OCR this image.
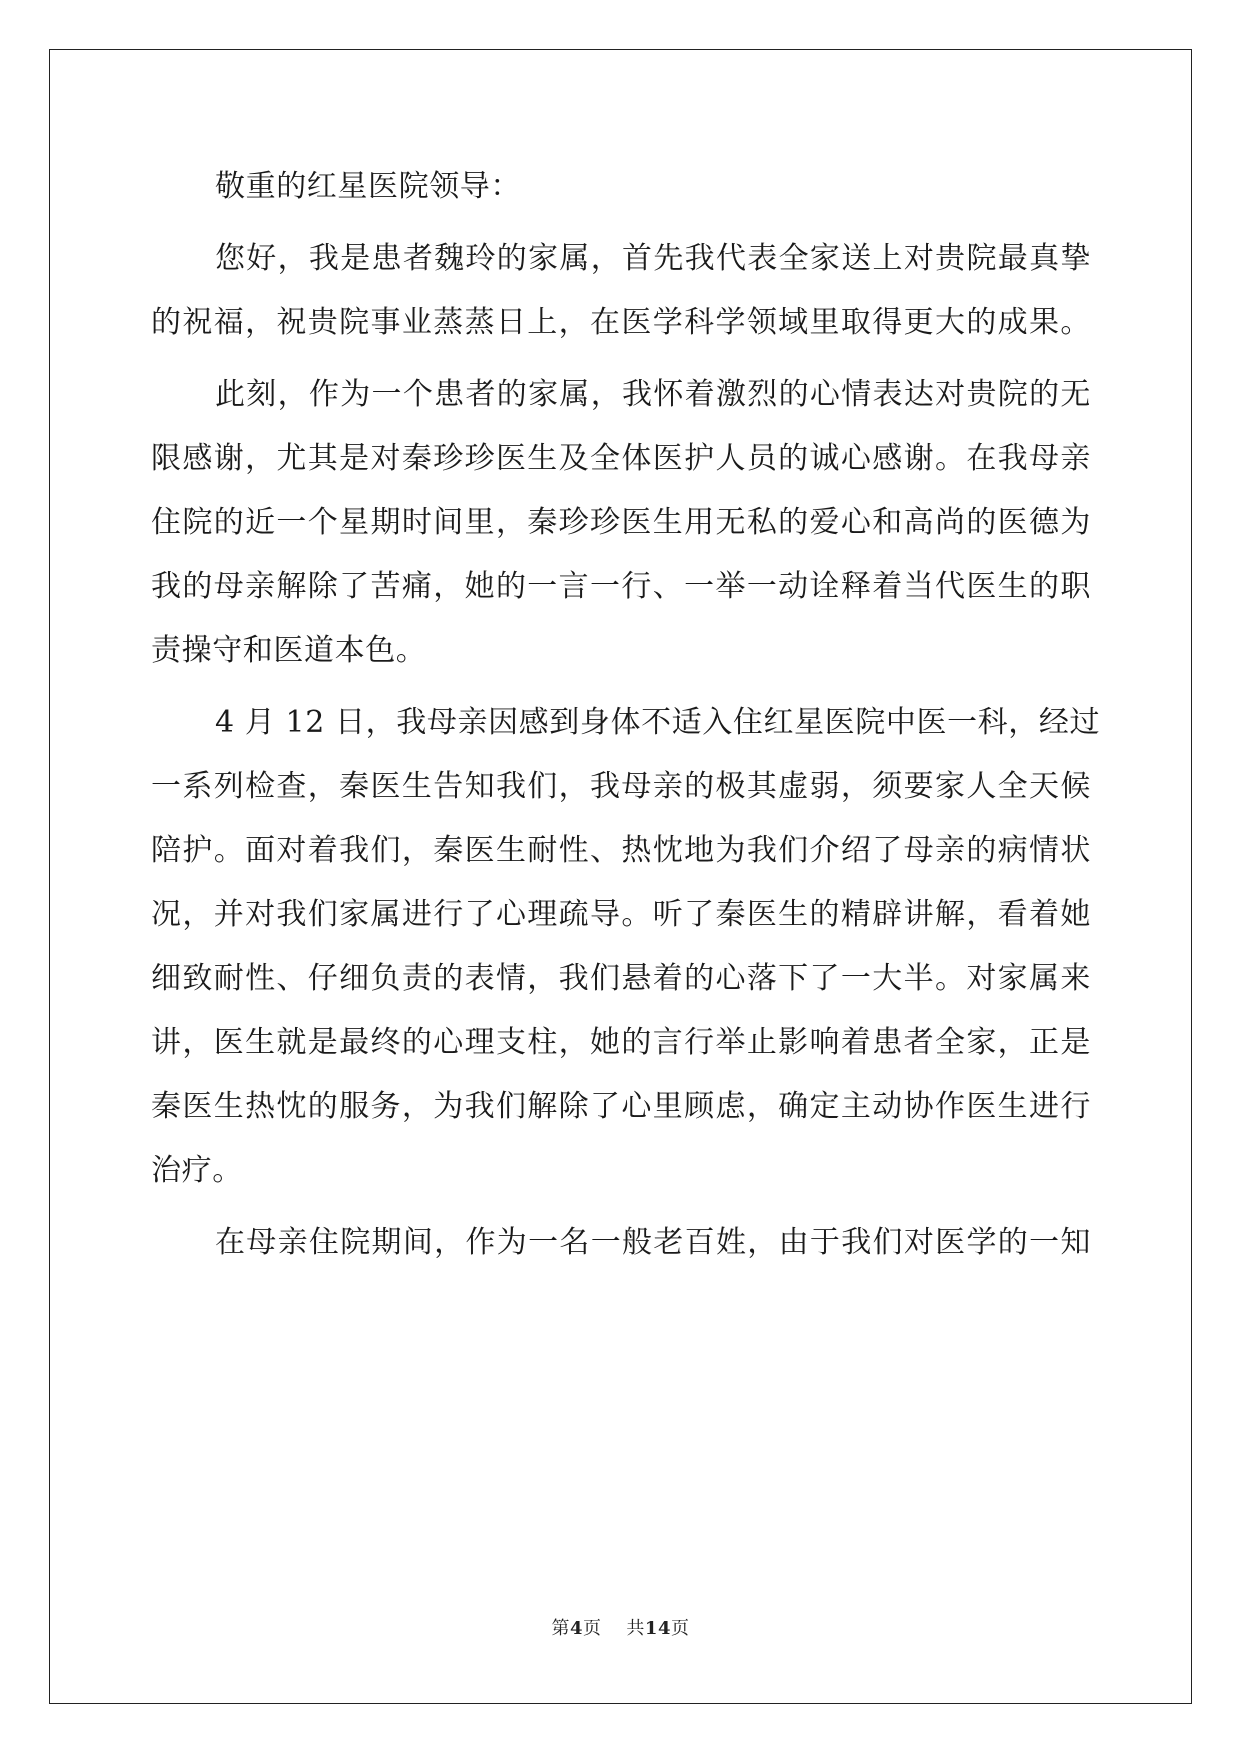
敬重的红星医院领导：
您好，我是患者魏玲的家属，首先我代表全家送上对贵院最真挚
的祝福，祝贵院事业蒸蒸日上，在医学科学领域里取得更大的成果。
此刻，作为一个患者的家属，我怀着激烈的心情表达对贵院的无
限感谢，尤其是对秦珍珍医生及全体医护人员的诚心感谢。在我母亲
住院的近一个星期时间里，秦珍珍医生用无私的爱心和高尚的医德为
我的母亲解除了苦痛，她的一言一行、一举一动诠释着当代医生的职
责操守和医道本色。
4 月 12 日，我母亲因感到身体不适入住红星医院中医一科，经过
一系列检查，秦医生告知我们，我母亲的极其虚弱，须要家人全天候
陪护。面对着我们，秦医生耐性、热忱地为我们介绍了母亲的病情状
况，并对我们家属进行了心理疏导。听了秦医生的精辟讲解，看着她
细致耐性、仔细负责的表情，我们悬着的心落下了一大半。对家属来
讲，医生就是最终的心理支柱，她的言行举止影响着患者全家，正是
秦医生热忱的服务，为我们解除了心里顾虑，确定主动协作医生进行
治疗。
在母亲住院期间，作为一名一般老百姓，由于我们对医学的一知
第4页 共14页
